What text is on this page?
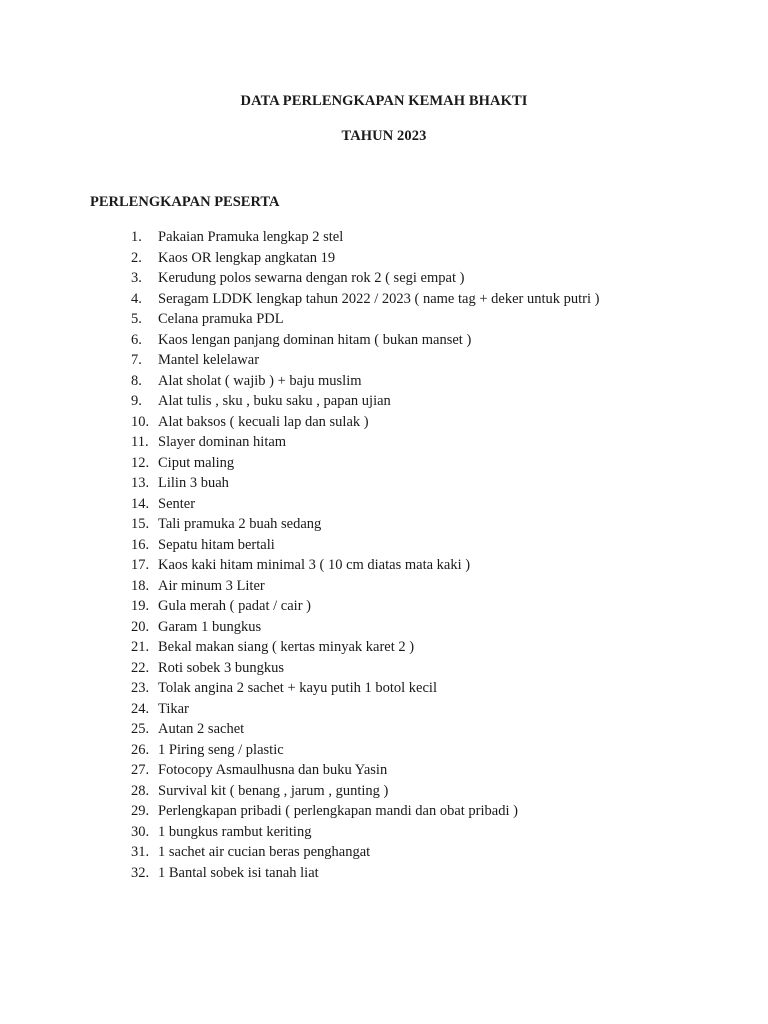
DATA PERLENGKAPAN KEMAH BHAKTI
TAHUN 2023
PERLENGKAPAN PESERTA
1.	Pakaian Pramuka lengkap 2 stel
2.	Kaos OR lengkap angkatan 19
3.	Kerudung polos sewarna dengan rok 2 ( segi empat )
4.	Seragam LDDK lengkap tahun 2022 / 2023 ( name tag + deker untuk putri )
5.	Celana pramuka PDL
6.	Kaos lengan panjang dominan hitam ( bukan manset )
7.	Mantel kelelawar
8.	Alat sholat ( wajib ) + baju muslim
9.	Alat tulis , sku , buku saku , papan ujian
10. Alat baksos ( kecuali lap dan sulak )
11. Slayer dominan hitam
12. Ciput maling
13. Lilin 3 buah
14. Senter
15. Tali pramuka 2 buah sedang
16. Sepatu hitam bertali
17. Kaos kaki hitam minimal 3 ( 10 cm diatas mata kaki )
18. Air minum 3 Liter
19. Gula merah ( padat / cair )
20. Garam 1 bungkus
21. Bekal makan siang ( kertas minyak karet 2 )
22. Roti sobek 3 bungkus
23. Tolak angina 2 sachet + kayu putih 1 botol kecil
24. Tikar
25. Autan 2 sachet
26. 1 Piring seng / plastic
27. Fotocopy Asmaulhusna dan buku Yasin
28. Survival kit ( benang , jarum , gunting )
29. Perlengkapan pribadi ( perlengkapan mandi dan obat pribadi )
30. 1 bungkus rambut keriting
31. 1 sachet air cucian beras penghangat
32. 1 Bantal sobek isi tanah liat
